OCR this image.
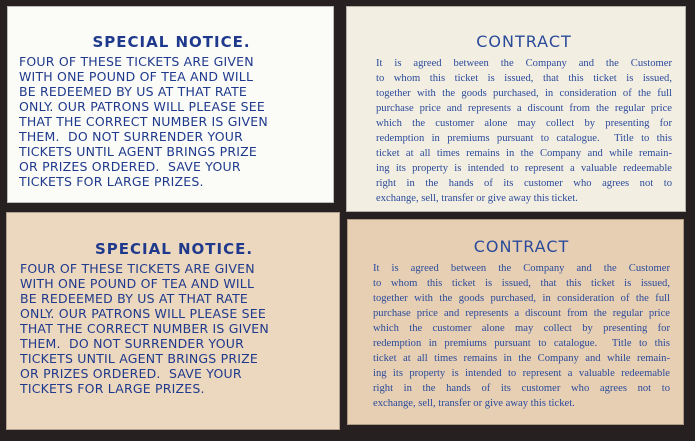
SPECIAL NOTICE.
FOUR OF THESE TICKETS ARE GIVEN
WITH ONE POUND OF TEA AND WILL
BE REDEEMED BY US AT THAT RATE
ONLY. OUR PATRONS WILL PLEASE SEE
THAT THE CORRECT NUMBER IS GIVEN
THEM.  DO NOT SURRENDER YOUR
TICKETS UNTIL AGENT BRINGS PRIZE
OR PRIZES ORDERED.  SAVE YOUR
TICKETS FOR LARGE PRIZES.
CONTRACT
It is agreed between the Company and the Customer
to whom this ticket is issued, that this ticket is issued,
together with the goods purchased, in consideration of the full
purchase price and represents a discount from the regular price
which the customer alone may collect by presenting for
redemption in premiums pursuant to catalogue.  Title to this
ticket at all times remains in the Company and while remain-
ing its property is intended to represent a valuable redeemable
right in the hands of its customer who agrees not to
exchange, sell, transfer or give away this ticket.
SPECIAL NOTICE.
FOUR OF THESE TICKETS ARE GIVEN
WITH ONE POUND OF TEA AND WILL
BE REDEEMED BY US AT THAT RATE
ONLY. OUR PATRONS WILL PLEASE SEE
THAT THE CORRECT NUMBER IS GIVEN
THEM.  DO NOT SURRENDER YOUR
TICKETS UNTIL AGENT BRINGS PRIZE
OR PRIZES ORDERED.  SAVE YOUR
TICKETS FOR LARGE PRIZES.
CONTRACT
It is agreed between the Company and the Customer
to whom this ticket is issued, that this ticket is issued,
together with the goods purchased, in consideration of the full
purchase price and represents a discount from the regular price
which the customer alone may collect by presenting for
redemption in premiums pursuant to catalogue.  Title to this
ticket at all times remains in the Company and while remain-
ing its property is intended to represent a valuable redeemable
right in the hands of its customer who agrees not to
exchange, sell, transfer or give away this ticket.
